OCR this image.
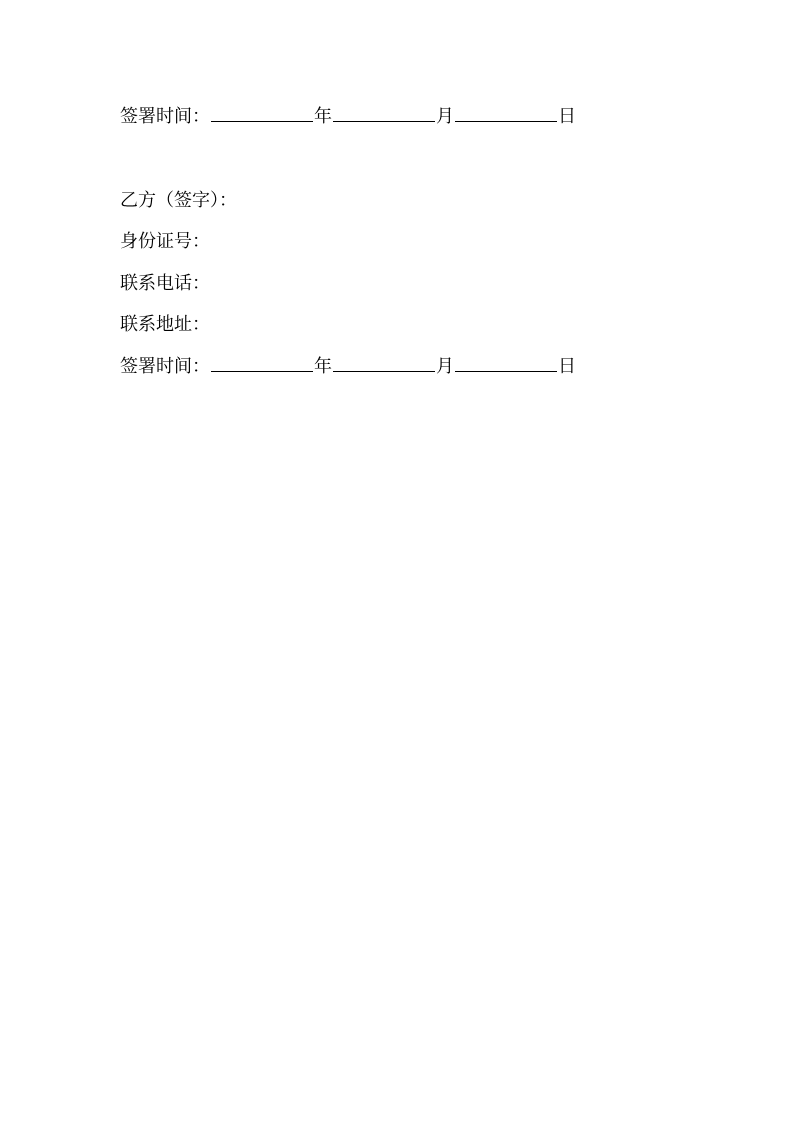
签署时间：	年	月	日
乙方（签字）：
身份证号：
联系电话：
联系地址：
签署时间：	年	月	日
